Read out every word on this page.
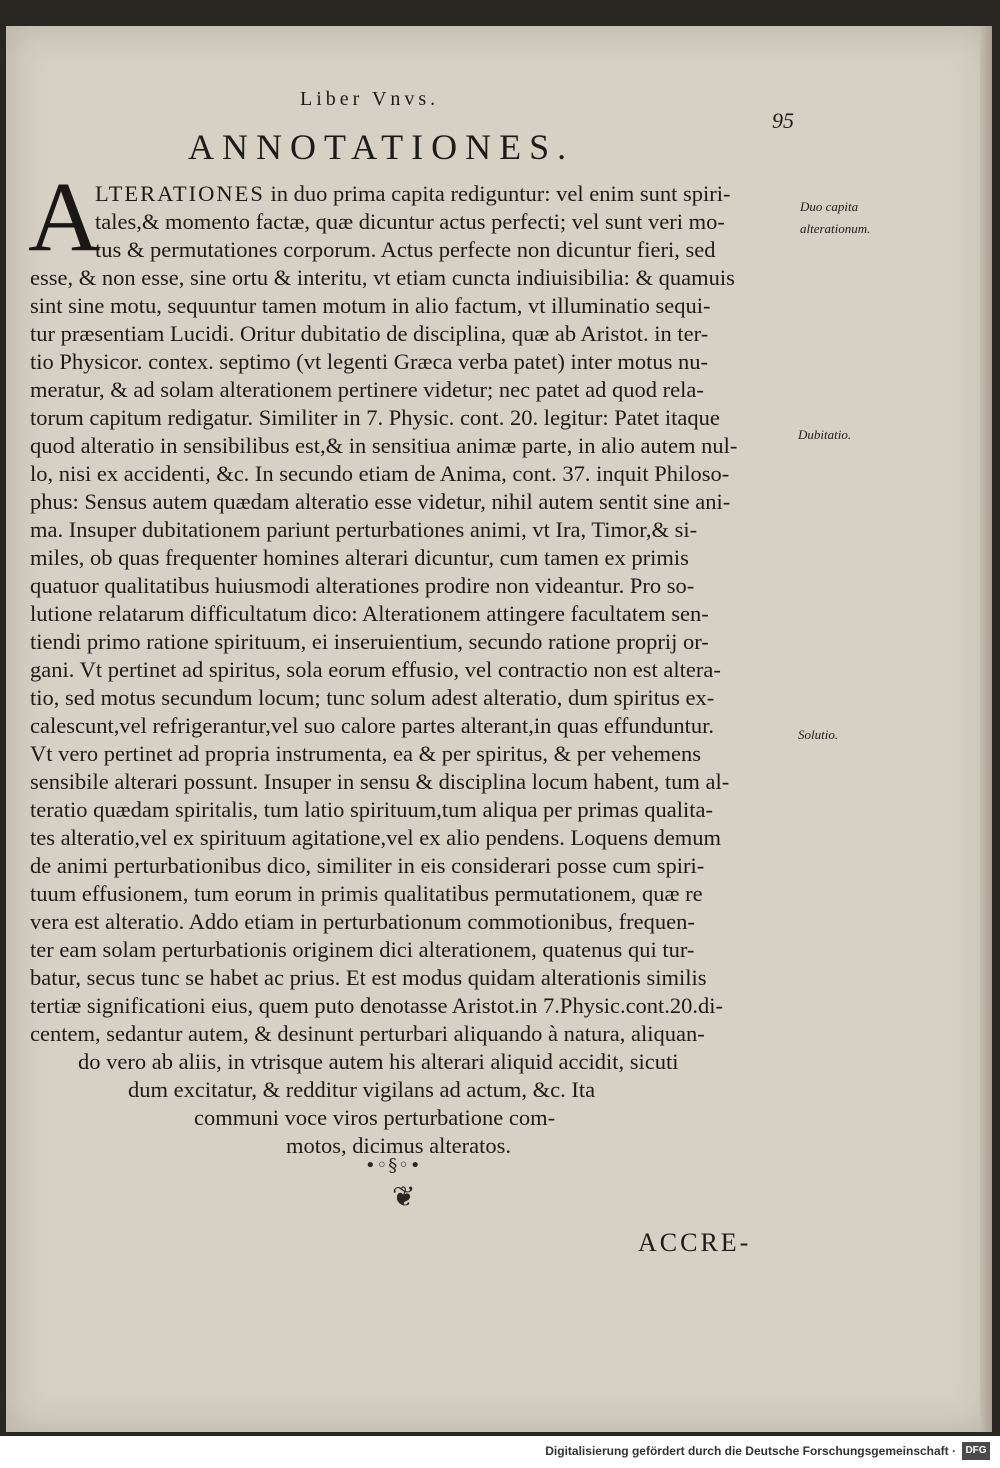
Liber Vnvs.
95
ANNOTATIONES.
A
LTERATIONES in duo prima capita rediguntur: vel enim sunt spiri-
tales,& momento factæ, quæ dicuntur actus perfecti; vel sunt veri mo-
tus & permutationes corporum. Actus perfecte non dicuntur fieri, sed
esse, & non esse, sine ortu & interitu, vt etiam cuncta indiuisibilia: & quamuis
sint sine motu, sequuntur tamen motum in alio factum, vt illuminatio sequi-
tur præsentiam Lucidi. Oritur dubitatio de disciplina, quæ ab Aristot. in ter-
tio Physicor. contex. septimo (vt legenti Græca verba patet) inter motus nu-
meratur, & ad solam alterationem pertinere videtur; nec patet ad quod rela-
torum capitum redigatur. Similiter in 7. Physic. cont. 20. legitur: Patet itaque
quod alteratio in sensibilibus est,& in sensitiua animæ parte, in alio autem nul-
lo, nisi ex accidenti, &c. In secundo etiam de Anima, cont. 37. inquit Philoso-
phus: Sensus autem quædam alteratio esse videtur, nihil autem sentit sine ani-
ma. Insuper dubitationem pariunt perturbationes animi, vt Ira, Timor,& si-
miles, ob quas frequenter homines alterari dicuntur, cum tamen ex primis
quatuor qualitatibus huiusmodi alterationes prodire non videantur. Pro so-
lutione relatarum difficultatum dico: Alterationem attingere facultatem sen-
tiendi primo ratione spirituum, ei inseruientium, secundo ratione proprij or-
gani. Vt pertinet ad spiritus, sola eorum effusio, vel contractio non est altera-
tio, sed motus secundum locum; tunc solum adest alteratio, dum spiritus ex-
calescunt,vel refrigerantur,vel suo calore partes alterant,in quas effunduntur.
Vt vero pertinet ad propria instrumenta, ea & per spiritus, & per vehemens
sensibile alterari possunt. Insuper in sensu & disciplina locum habent, tum al-
teratio quædam spiritalis, tum latio spirituum,tum aliqua per primas qualita-
tes alteratio,vel ex spirituum agitatione,vel ex alio pendens. Loquens demum
de animi perturbationibus dico, similiter in eis considerari posse cum spiri-
tuum effusionem, tum eorum in primis qualitatibus permutationem, quæ re
vera est alteratio. Addo etiam in perturbationum commotionibus, frequen-
ter eam solam perturbationis originem dici alterationem, quatenus qui tur-
batur, secus tunc se habet ac prius. Et est modus quidam alterationis similis
tertiæ significationi eius, quem puto denotasse Aristot.in 7.Physic.cont.20.di-
centem, sedantur autem, & desinunt perturbari aliquando à natura, aliquan-
do vero ab aliis, in vtrisque autem his alterari aliquid accidit, sicuti
dum excitatur, & redditur vigilans ad actum, &c. Ita
communi voce viros perturbatione com-
motos, dicimus alteratos.
Duo capita alterationum.
Dubitatio.
Solutio.
•◦§◦•
❦
ACCRE-
Digitalisierung gefördert durch die Deutsche Forschungsgemeinschaft · DFG
